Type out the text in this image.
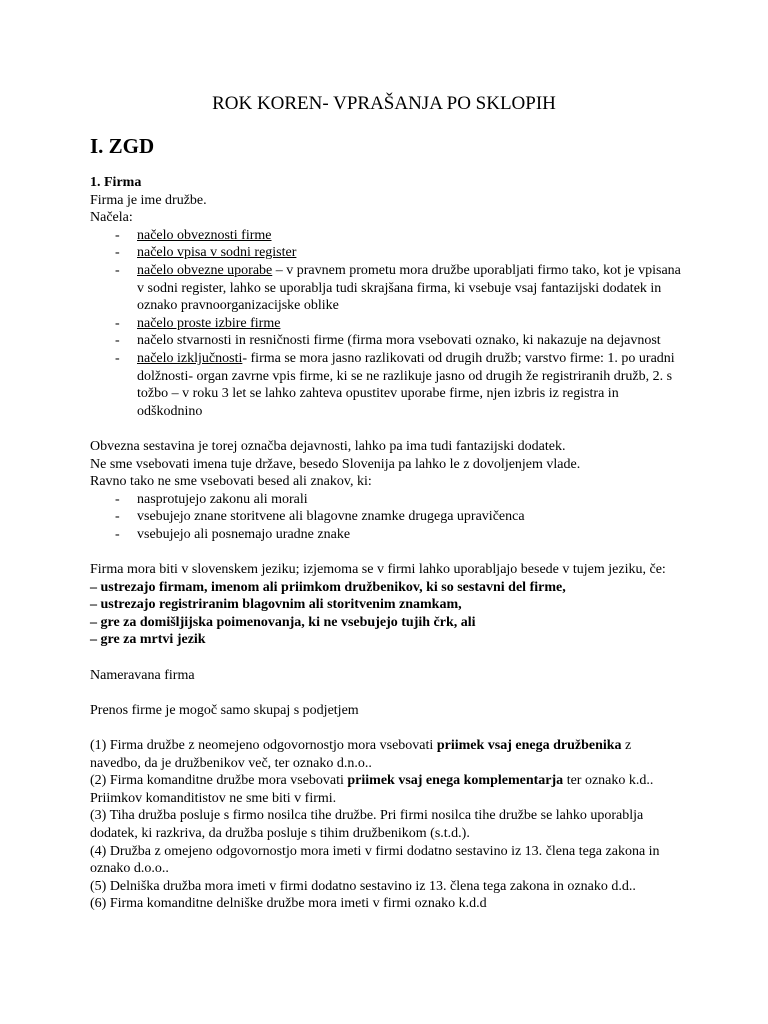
ROK KOREN- VPRAŠANJA PO SKLOPIH
I. ZGD

1. Firma

Firma je ime družbe.

Načela:

- načelo obveznosti firme
- načelo vpisa v sodni register
- načelo obvezne uporabe – v pravnem prometu mora družbe uporabljati firmo tako, kot je vpisana v sodni register, lahko se uporablja tudi skrajšana firma, ki vsebuje vsaj fantazijski dodatek in oznako pravnoorganizacijske oblike
- načelo proste izbire firme
- načelo stvarnosti in resničnosti firme (firma mora vsebovati oznako, ki nakazuje na dejavnost
- načelo izključnosti- firma se mora jasno razlikovati od drugih družb; varstvo firme: 1. po uradni dolžnosti- organ zavrne vpis firme, ki se ne razlikuje jasno od drugih že registriranih družb, 2. s tožbo – v roku 3 let se lahko zahteva opustitev uporabe firme, njen izbris iz registra in odškodnino

Obvezna sestavina je torej označba dejavnosti, lahko pa ima tudi fantazijski dodatek.

Ne sme vsebovati imena tuje države, besedo Slovenija pa lahko le z dovoljenjem vlade.

Ravno tako ne sme vsebovati besed ali znakov, ki:

- nasprotujejo zakonu ali morali
- vsebujejo znane storitvene ali blagovne znamke drugega upravičenca
- vsebujejo ali posnemajo uradne znake

Firma mora biti v slovenskem jeziku; izjemoma se v firmi lahko uporabljajo besede v tujem jeziku, če:

– ustrezajo firmam, imenom ali priimkom družbenikov, ki so sestavni del firme,

– ustrezajo registriranim blagovnim ali storitvenim znamkam,

– gre za domišljijska poimenovanja, ki ne vsebujejo tujih črk, ali

– gre za mrtvi jezik

Nameravana firma

Prenos firme je mogoč samo skupaj s podjetjem

(1) Firma družbe z neomejeno odgovornostjo mora vsebovati priimek vsaj enega družbenika z navedbo, da je družbenikov več, ter oznako d.n.o..

(2) Firma komanditne družbe mora vsebovati priimek vsaj enega komplementarja ter oznako k.d.. Priimkov komanditistov ne sme biti v firmi.

(3) Tiha družba posluje s firmo nosilca tihe družbe. Pri firmi nosilca tihe družbe se lahko uporablja dodatek, ki razkriva, da družba posluje s tihim družbenikom (s.t.d.).

(4) Družba z omejeno odgovornostjo mora imeti v firmi dodatno sestavino iz 13. člena tega zakona in oznako d.o.o..

(5) Delniška družba mora imeti v firmi dodatno sestavino iz 13. člena tega zakona in oznako d.d..

(6) Firma komanditne delniške družbe mora imeti v firmi oznako k.d.d
